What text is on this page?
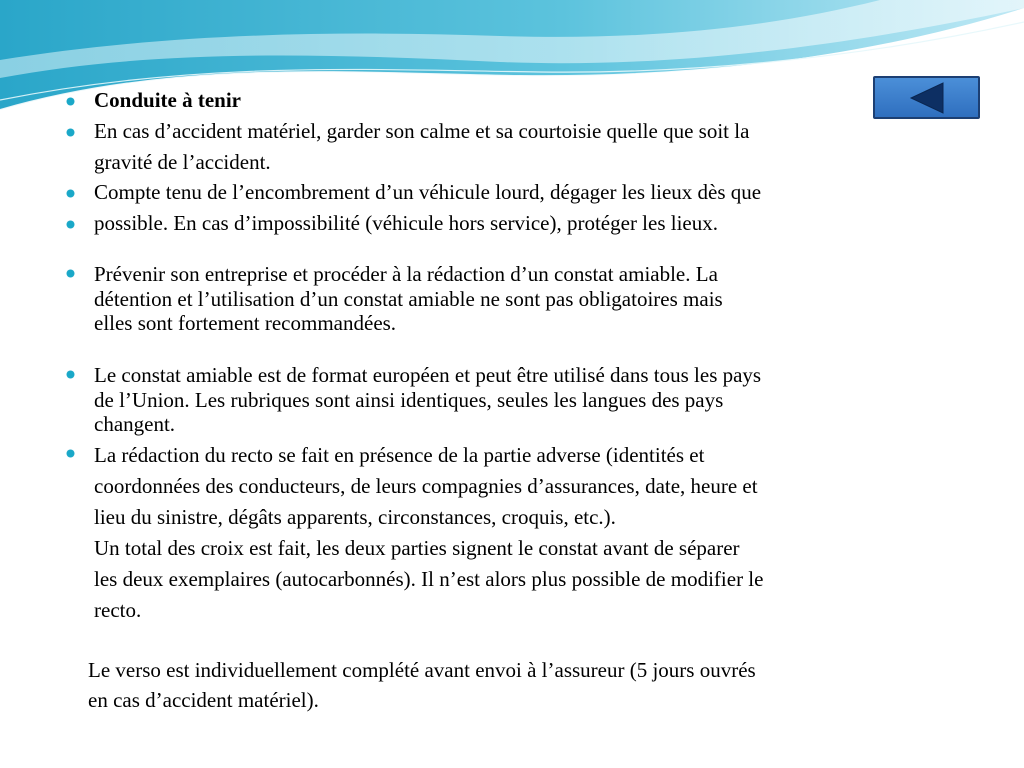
Conduite à tenir
En cas d’accident matériel, garder son calme et sa courtoisie quelle que soit la
gravité de l’accident.
Compte tenu de l’encombrement d’un véhicule lourd, dégager les lieux dès que
possible. En cas d’impossibilité (véhicule hors service), protéger les lieux.
Prévenir son entreprise et procéder à la rédaction d’un constat amiable. La
détention et l’utilisation d’un constat amiable ne sont pas obligatoires mais
elles sont fortement recommandées.
Le constat amiable est de format européen et peut être utilisé dans tous les pays
de l’Union. Les rubriques sont ainsi identiques, seules les langues des pays
changent.
La rédaction du recto se fait en présence de la partie adverse (identités et
coordonnées des conducteurs, de leurs compagnies d’assurances, date, heure et
lieu du sinistre, dégâts apparents, circonstances, croquis, etc.).
Un total des croix est fait, les deux parties signent le constat avant de séparer
les deux exemplaires (autocarbonnés). Il n’est alors plus possible de modifier le
recto.
Le verso est individuellement complété avant envoi à l’assureur (5 jours ouvrés
en cas d’accident matériel).
